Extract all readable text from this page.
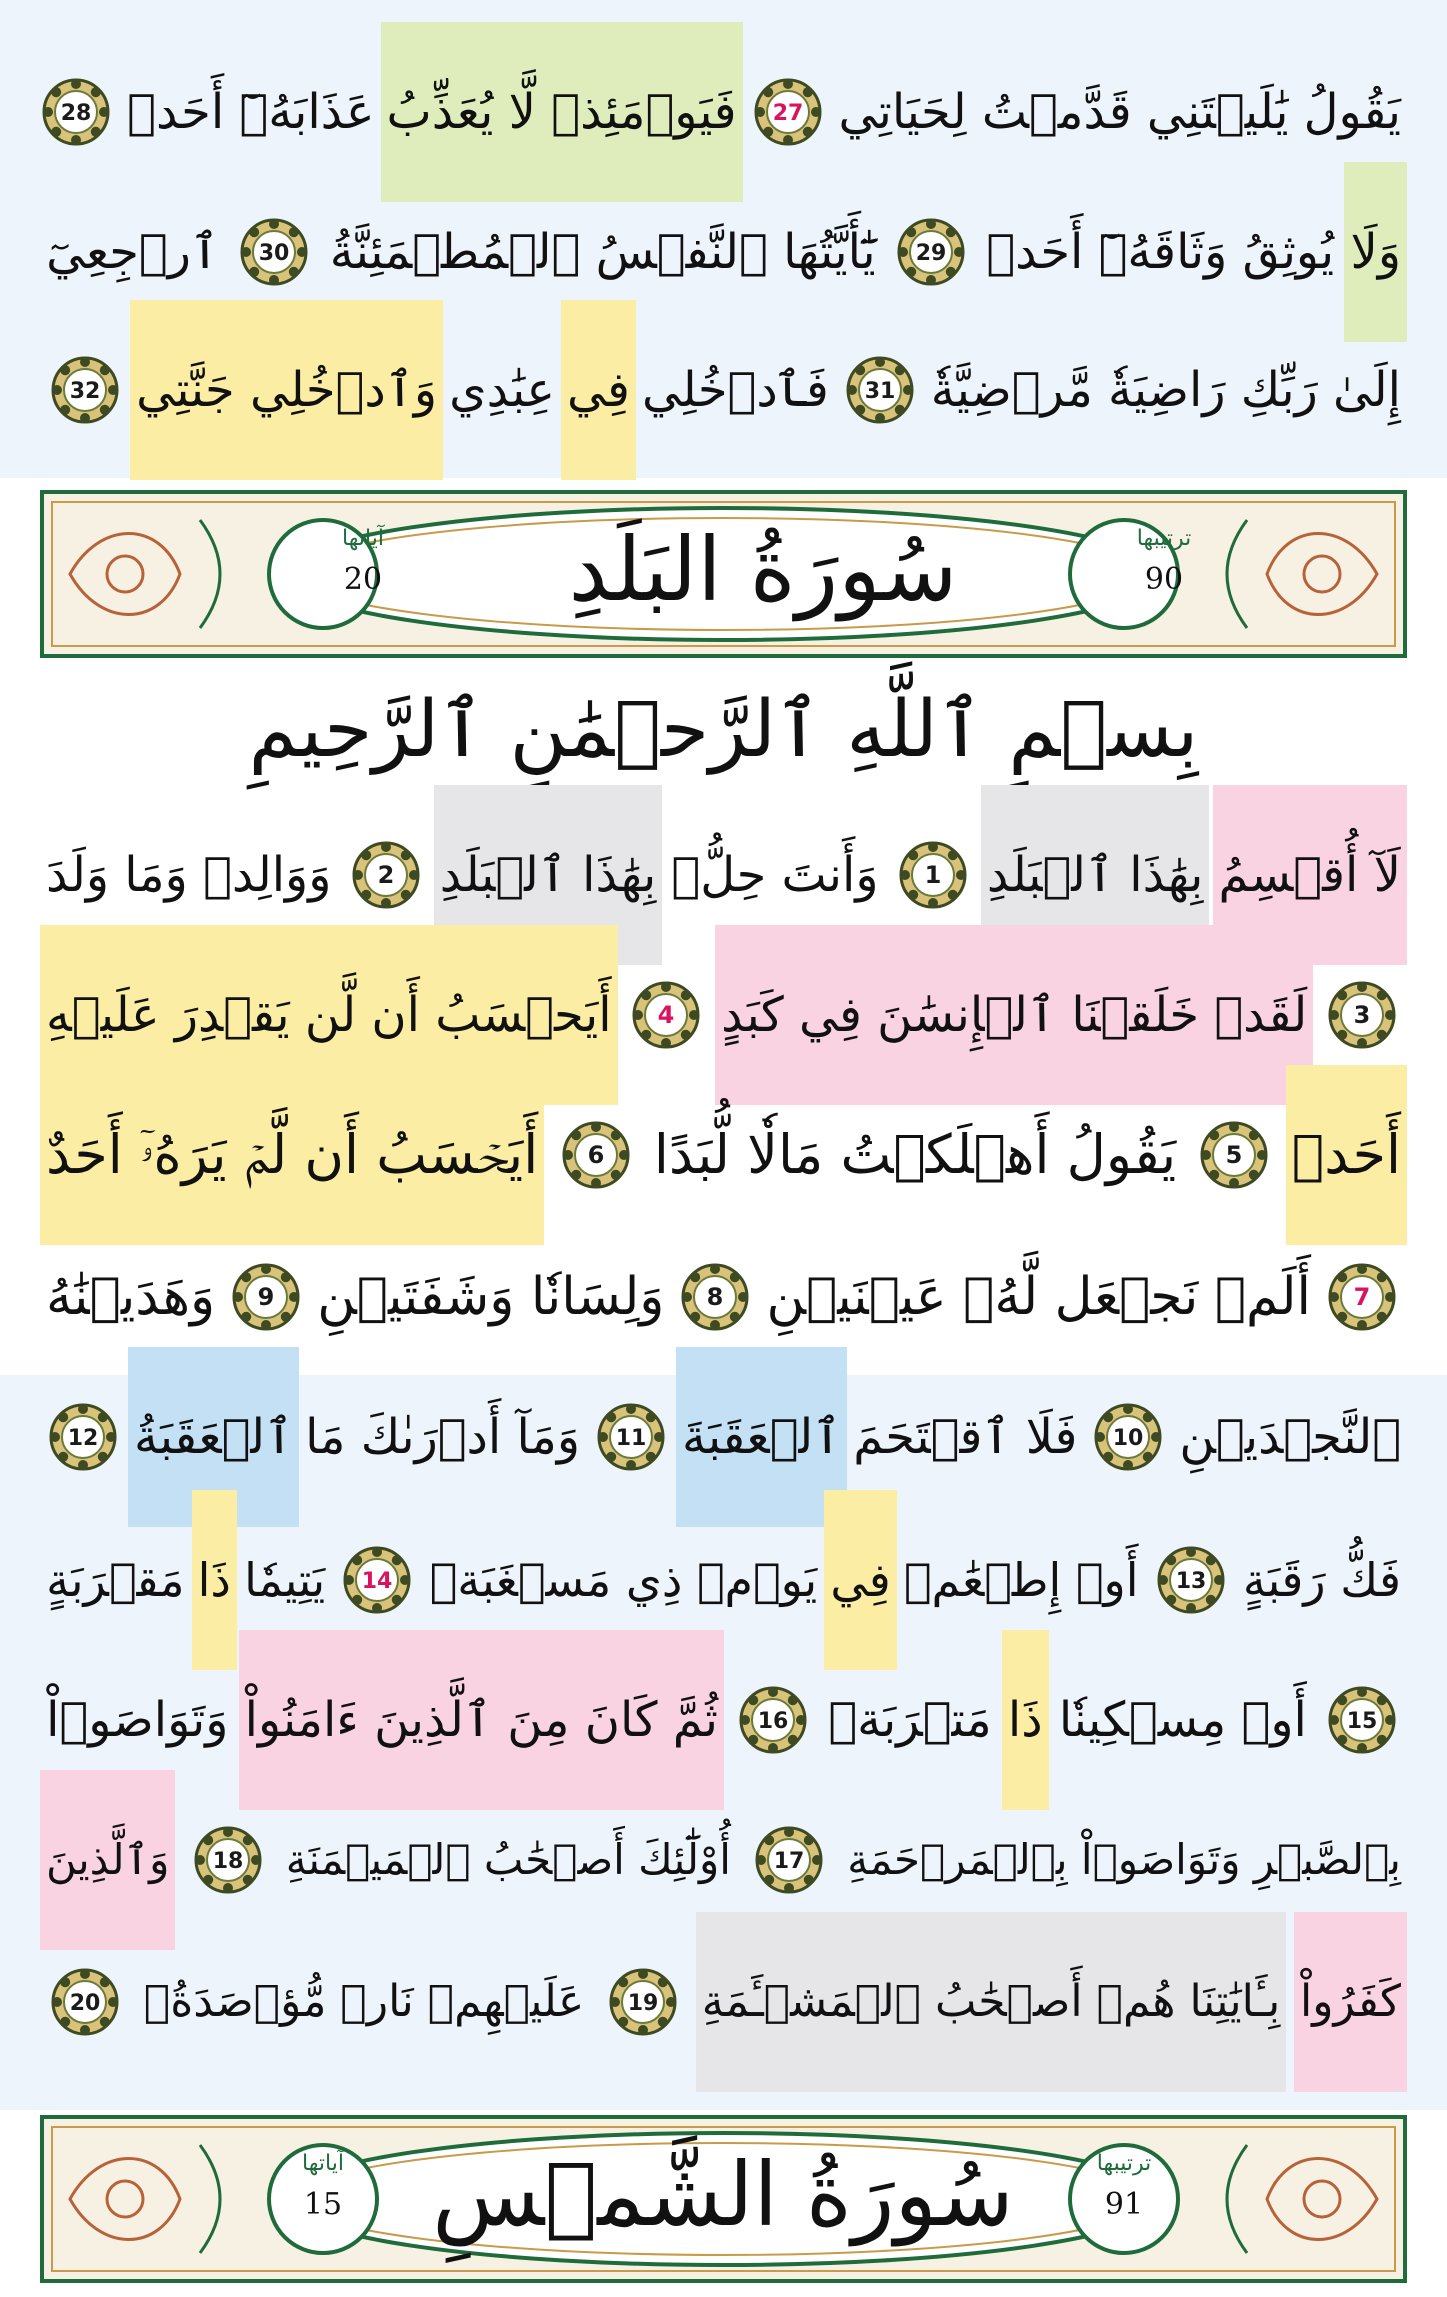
يَقُولُ يَٰلَيۡتَنِي قَدَّمۡتُ لِحَيَاتِي
27
فَيَوۡمَئِذٖ لَّا يُعَذِّبُ
عَذَابَهُۥٓ أَحَدٞ
28
وَلَا
يُوثِقُ وَثَاقَهُۥٓ أَحَدٞ
29
يَٰٓأَيَّتُهَا ٱلنَّفۡسُ ٱلۡمُطۡمَئِنَّةُ
30
ٱرۡجِعِيٓ
إِلَىٰ رَبِّكِ رَاضِيَةٗ مَّرۡضِيَّةٗ
31
فَٱدۡخُلِي
فِي
عِبَٰدِي
وَٱدۡخُلِي جَنَّتِي
32
آياتها
20	سُورَةُ البَلَدِ	ترتيبها
90
بِسۡمِ ٱللَّهِ ٱلرَّحۡمَٰنِ ٱلرَّحِيمِ
لَآ أُقۡسِمُ
بِهَٰذَا ٱلۡبَلَدِ
1
وَأَنتَ حِلُّۢ
بِهَٰذَا ٱلۡبَلَدِ
2
وَوَالِدٖ وَمَا وَلَدَ
3
لَقَدۡ خَلَقۡنَا ٱلۡإِنسَٰنَ فِي كَبَدٍ
4
أَيَحۡسَبُ أَن لَّن يَقۡدِرَ عَلَيۡهِ
أَحَدٞ
5
يَقُولُ أَهۡلَكۡتُ مَالٗا لُّبَدًا
6
أَيَحۡسَبُ أَن لَّمۡ يَرَهُۥٓ أَحَدٌ
7
أَلَمۡ نَجۡعَل لَّهُۥ عَيۡنَيۡنِ
8
وَلِسَانٗا وَشَفَتَيۡنِ
9
وَهَدَيۡنَٰهُ
ٱلنَّجۡدَيۡنِ
10
فَلَا ٱقۡتَحَمَ
ٱلۡعَقَبَةَ
11
وَمَآ أَدۡرَىٰكَ مَا
ٱلۡعَقَبَةُ
12
فَكُّ رَقَبَةٍ
13
أَوۡ إِطۡعَٰمٞ
فِي
يَوۡمٖ ذِي مَسۡغَبَةٖ
14
يَتِيمٗا
ذَا
مَقۡرَبَةٍ
15
أَوۡ مِسۡكِينٗا
ذَا
مَتۡرَبَةٖ
16
ثُمَّ كَانَ مِنَ ٱلَّذِينَ ءَامَنُواْ
وَتَوَاصَوۡاْ
بِٱلصَّبۡرِ وَتَوَاصَوۡاْ بِٱلۡمَرۡحَمَةِ
17
أُوْلَٰٓئِكَ أَصۡحَٰبُ ٱلۡمَيۡمَنَةِ
18
وَٱلَّذِينَ
كَفَرُواْ
بِـَٔايَٰتِنَا هُمۡ أَصۡحَٰبُ ٱلۡمَشۡـَٔمَةِ
19
عَلَيۡهِمۡ نَارٞ مُّؤۡصَدَةُۢ
20
آياتها
15	سُورَةُ الشَّمۡسِ	ترتيبها
91
